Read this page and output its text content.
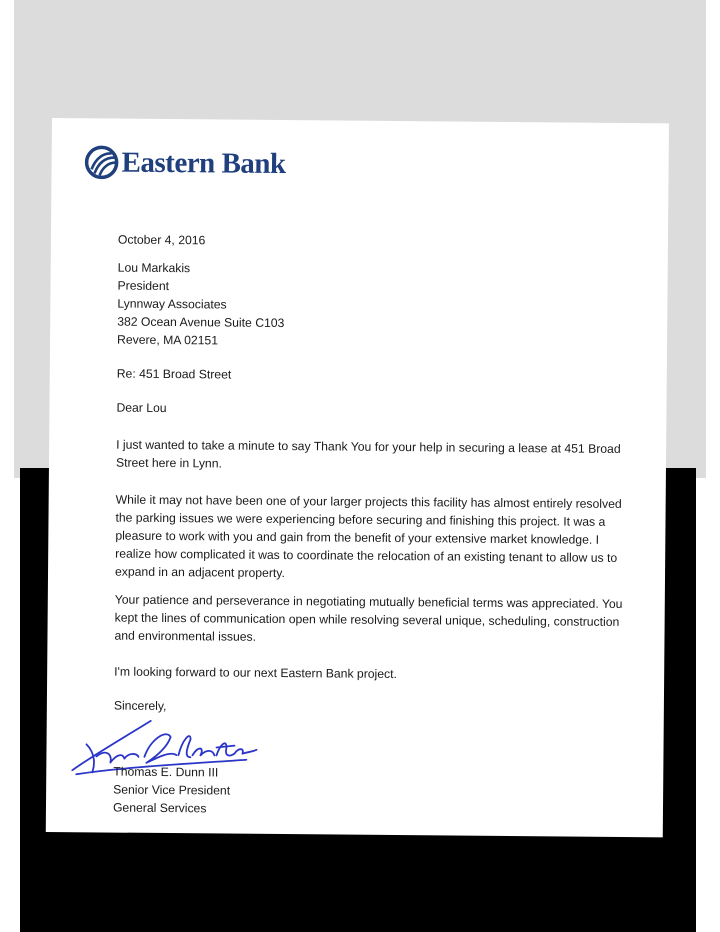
Eastern Bank
October 4, 2016
Lou Markakis
President
Lynnway Associates
382 Ocean Avenue Suite C103
Revere, MA 02151
Re: 451 Broad Street
Dear Lou
I just wanted to take a minute to say Thank You for your help in securing a lease at 451 Broad Street here in Lynn.
While it may not have been one of your larger projects this facility has almost entirely resolved the parking issues we were experiencing before securing and finishing this project. It was a pleasure to work with you and gain from the benefit of your extensive market knowledge. I realize how complicated it was to coordinate the relocation of an existing tenant to allow us to expand in an adjacent property.
Your patience and perseverance in negotiating mutually beneficial terms was appreciated. You kept the lines of communication open while resolving several unique, scheduling, construction and environmental issues.
I'm looking forward to our next Eastern Bank project.
Sincerely,
Thomas E. Dunn III
Senior Vice President
General Services
